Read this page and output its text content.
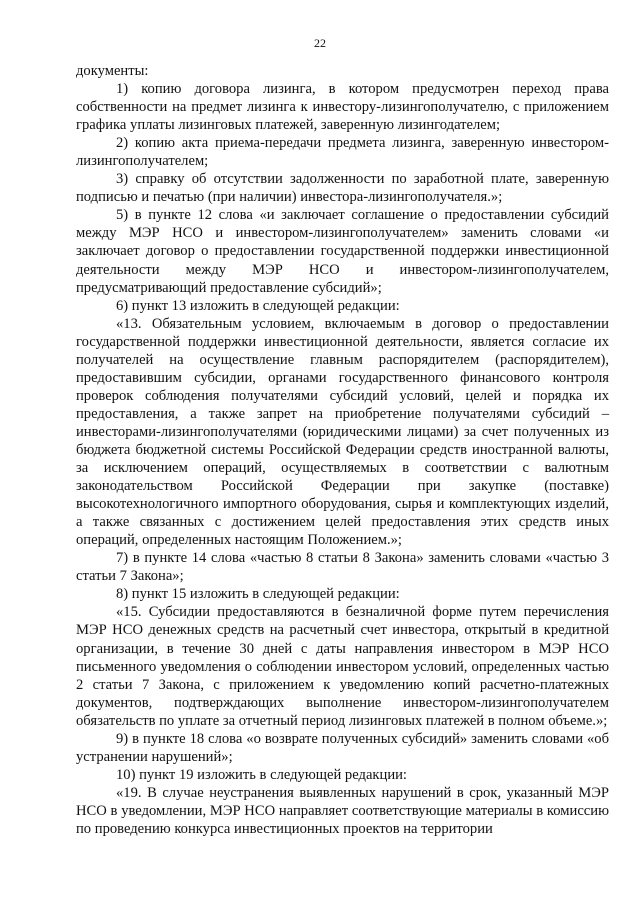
22

документы:

1) копию договора лизинга, в котором предусмотрен переход права собственности на предмет лизинга к инвестору-лизингополучателю, с приложением графика уплаты лизинговых платежей, заверенную лизингодателем;

2) копию акта приема-передачи предмета лизинга, заверенную инвестором-лизингополучателем;

3) справку об отсутствии задолженности по заработной плате, заверенную подписью и печатью (при наличии) инвестора-лизингополучателя.»;

5) в пункте 12 слова «и заключает соглашение о предоставлении субсидий между МЭР НСО и инвестором-лизингополучателем» заменить словами «и заключает договор о предоставлении государственной поддержки инвестиционной деятельности между МЭР НСО и инвестором-лизингополучателем, предусматривающий предоставление субсидий»;

6) пункт 13 изложить в следующей редакции:

«13. Обязательным условием, включаемым в договор о предоставлении государственной поддержки инвестиционной деятельности, является согласие их получателей на осуществление главным распорядителем (распорядителем), предоставившим субсидии, органами государственного финансового контроля проверок соблюдения получателями субсидий условий, целей и порядка их предоставления, а также запрет на приобретение получателями субсидий – инвесторами-лизингополучателями (юридическими лицами) за счет полученных из бюджета бюджетной системы Российской Федерации средств иностранной валюты, за исключением операций, осуществляемых в соответствии с валютным законодательством Российской Федерации при закупке (поставке) высокотехнологичного импортного оборудования, сырья и комплектующих изделий, а также связанных с достижением целей предоставления этих средств иных операций, определенных настоящим Положением.»;

7) в пункте 14 слова «частью 8 статьи 8 Закона» заменить словами «частью 3 статьи 7 Закона»;

8) пункт 15 изложить в следующей редакции:

«15. Субсидии предоставляются в безналичной форме путем перечисления МЭР НСО денежных средств на расчетный счет инвестора, открытый в кредитной организации, в течение 30 дней с даты направления инвестором в МЭР НСО письменного уведомления о соблюдении инвестором условий, определенных частью 2 статьи 7 Закона, с приложением к уведомлению копий расчетно-платежных документов, подтверждающих выполнение инвестором-лизингополучателем обязательств по уплате за отчетный период лизинговых платежей в полном объеме.»;

9) в пункте 18 слова «о возврате полученных субсидий» заменить словами «об устранении нарушений»;

10) пункт 19 изложить в следующей редакции:

«19. В случае неустранения выявленных нарушений в срок, указанный МЭР НСО в уведомлении, МЭР НСО направляет соответствующие материалы в комиссию по проведению конкурса инвестиционных проектов на территории
